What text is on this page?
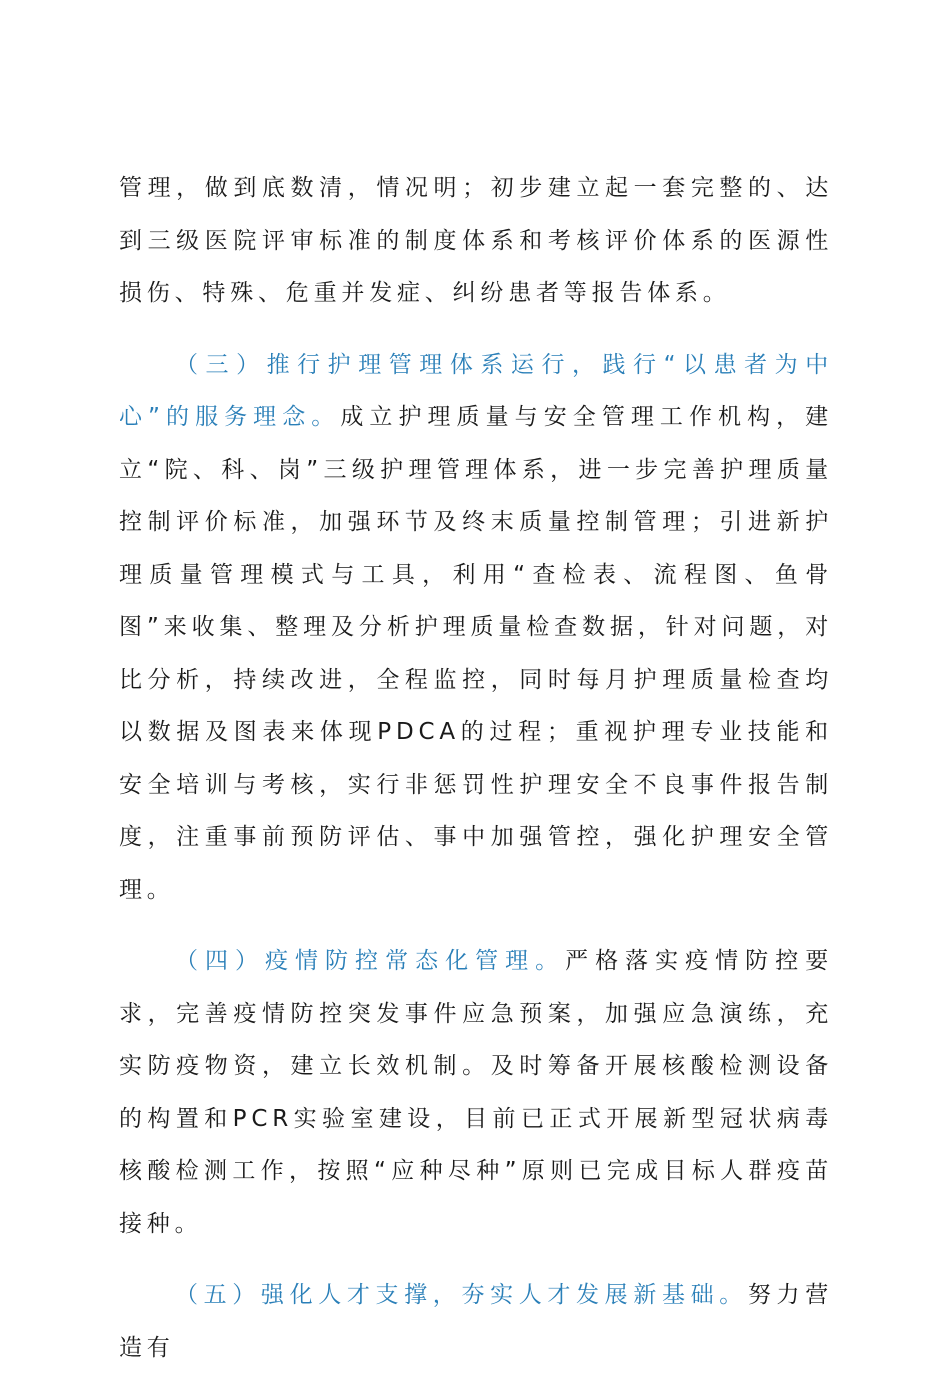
管理，做到底数清，情况明；初步建立起一套完整的、达到三级医院评审标准的制度体系和考核评价体系的医源性损伤、特殊、危重并发症、纠纷患者等报告体系。

（三）推行护理管理体系运行，践行“以患者为中心”的服务理念。成立护理质量与安全管理工作机构，建立“院、科、岗”三级护理管理体系，进一步完善护理质量控制评价标准，加强环节及终末质量控制管理；引进新护理质量管理模式与工具，利用“查检表、流程图、鱼骨图”来收集、整理及分析护理质量检查数据，针对问题，对比分析，持续改进，全程监控，同时每月护理质量检查均以数据及图表来体现PDCA的过程；重视护理专业技能和安全培训与考核，实行非惩罚性护理安全不良事件报告制度，注重事前预防评估、事中加强管控，强化护理安全管理。

（四）疫情防控常态化管理。严格落实疫情防控要求，完善疫情防控突发事件应急预案，加强应急演练，充实防疫物资，建立长效机制。及时筹备开展核酸检测设备的构置和PCR实验室建设，目前已正式开展新型冠状病毒核酸检测工作，按照“应种尽种”原则已完成目标人群疫苗接种。

（五）强化人才支撑，夯实人才发展新基础。努力营造有
